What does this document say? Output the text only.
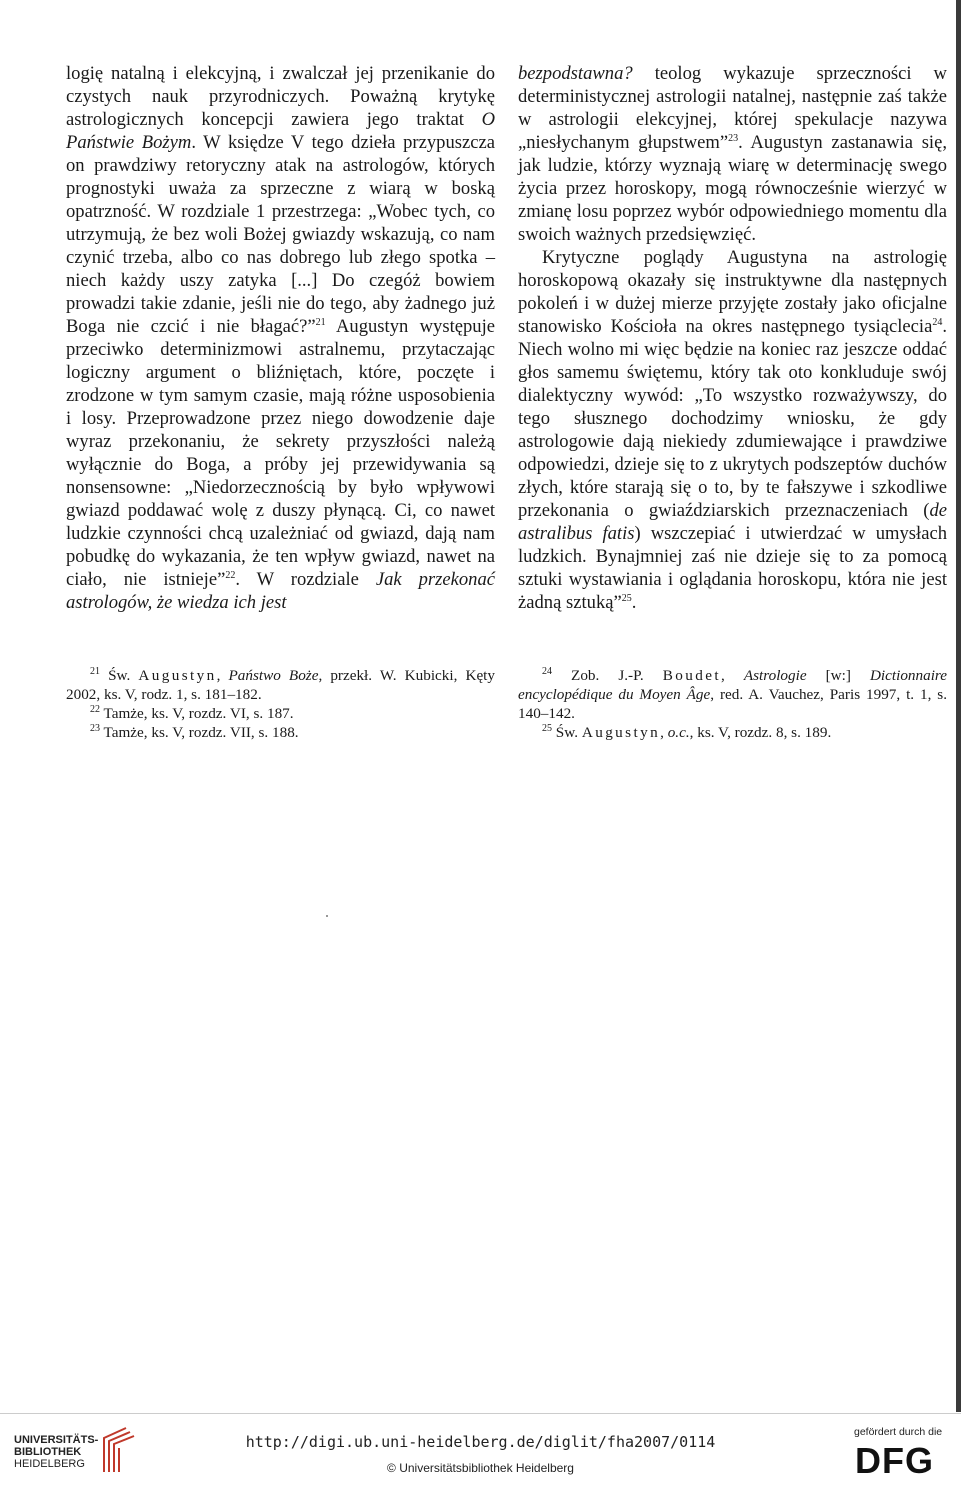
logię natalną i elekcyjną, i zwalczał jej przenikanie do czystych nauk przyrodniczych. Poważną krytykę astrologicznych koncepcji zawiera jego traktat O Państwie Bożym. W księdze V tego dzieła przypuszcza on prawdziwy retoryczny atak na astrologów, których prognostyki uważa za sprzeczne z wiarą w boską opatrzność. W rozdziale 1 przestrzega: „Wobec tych, co utrzymują, że bez woli Bożej gwiazdy wskazują, co nam czynić trzeba, albo co nas dobrego lub złego spotka – niech każdy uszy zatyka [...] Do czegóż bowiem prowadzi takie zdanie, jeśli nie do tego, aby żadnego już Boga nie czcić i nie błagać?”$^{21}$ Augustyn występuje przeciwko determinizmowi astralnemu, przytaczając logiczny argument o bliźniętach, które, poczęte i zrodzone w tym samym czasie, mają różne usposobienia i losy. Przeprowadzone przez niego dowodzenie daje wyraz przekonaniu, że sekrety przyszłości należą wyłącznie do Boga, a próby jej przewidywania są nonsensowne: „Niedorzecznością by było wpływowi gwiazd poddawać wolę z duszy płynącą. Ci, co nawet ludzkie czynności chcą uzależniać od gwiazd, dają nam pobudkę do wykazania, że ten wpływ gwiazd, nawet na ciało, nie istnieje”$^{22}$. W rozdziale Jak przekonać astrologów, że wiedza ich jest

bezpodstawna? teolog wykazuje sprzeczności w deterministycznej astrologii natalnej, następnie zaś także w astrologii elekcyjnej, której spekulacje nazywa „niesłychanym głupstwem”$^{23}$. Augustyn zastanawia się, jak ludzie, którzy wyznają wiarę w determinację swego życia przez horoskopy, mogą równocześnie wierzyć w zmianę losu poprzez wybór odpowiedniego momentu dla swoich ważnych przedsięwzięć.

Krytyczne poglądy Augustyna na astrologię horoskopową okazały się instruktywne dla następnych pokoleń i w dużej mierze przyjęte zostały jako oficjalne stanowisko Kościoła na okres następnego tysiąclecia$^{24}$. Niech wolno mi więc będzie na koniec raz jeszcze oddać głos samemu świętemu, który tak oto konkluduje swój dialektyczny wywód: „To wszystko rozważywszy, do tego słusznego dochodzimy wniosku, że gdy astrologowie dają niekiedy zdumiewające i prawdziwe odpowiedzi, dzieje się to z ukrytych podszeptów duchów złych, które starają się o to, by te fałszywe i szkodliwe przekonania o gwiaździarskich przeznaczeniach (de astralibus fatis) wszczepiać i utwierdzać w umysłach ludzkich. Bynajmniej zaś nie dzieje się to za pomocą sztuki wystawiania i oglądania horoskopu, która nie jest żadną sztuką”$^{25}$.

$^{21}$ Św. Augustyn, Państwo Boże, przekł. W. Kubicki, Kęty 2002, ks. V, rodz. 1, s. 181–182.

$^{22}$ Tamże, ks. V, rozdz. VI, s. 187.

$^{23}$ Tamże, ks. V, rozdz. VII, s. 188.

$^{24}$ Zob. J.-P. Boudet, Astrologie [w:] Dictionnaire encyclopédique du Moyen Âge, red. A. Vauchez, Paris 1997, t. 1, s. 140–142.

$^{25}$ Św. Augustyn, o.c., ks. V, rozdz. 8, s. 189.

UNIVERSITÄTS-
BIBLIOTHEK
HEIDELBERG
http://digi.ub.uni-heidelberg.de/diglit/fha2007/0114
© Universitätsbibliothek Heidelberg
gefördert durch die
DFG
